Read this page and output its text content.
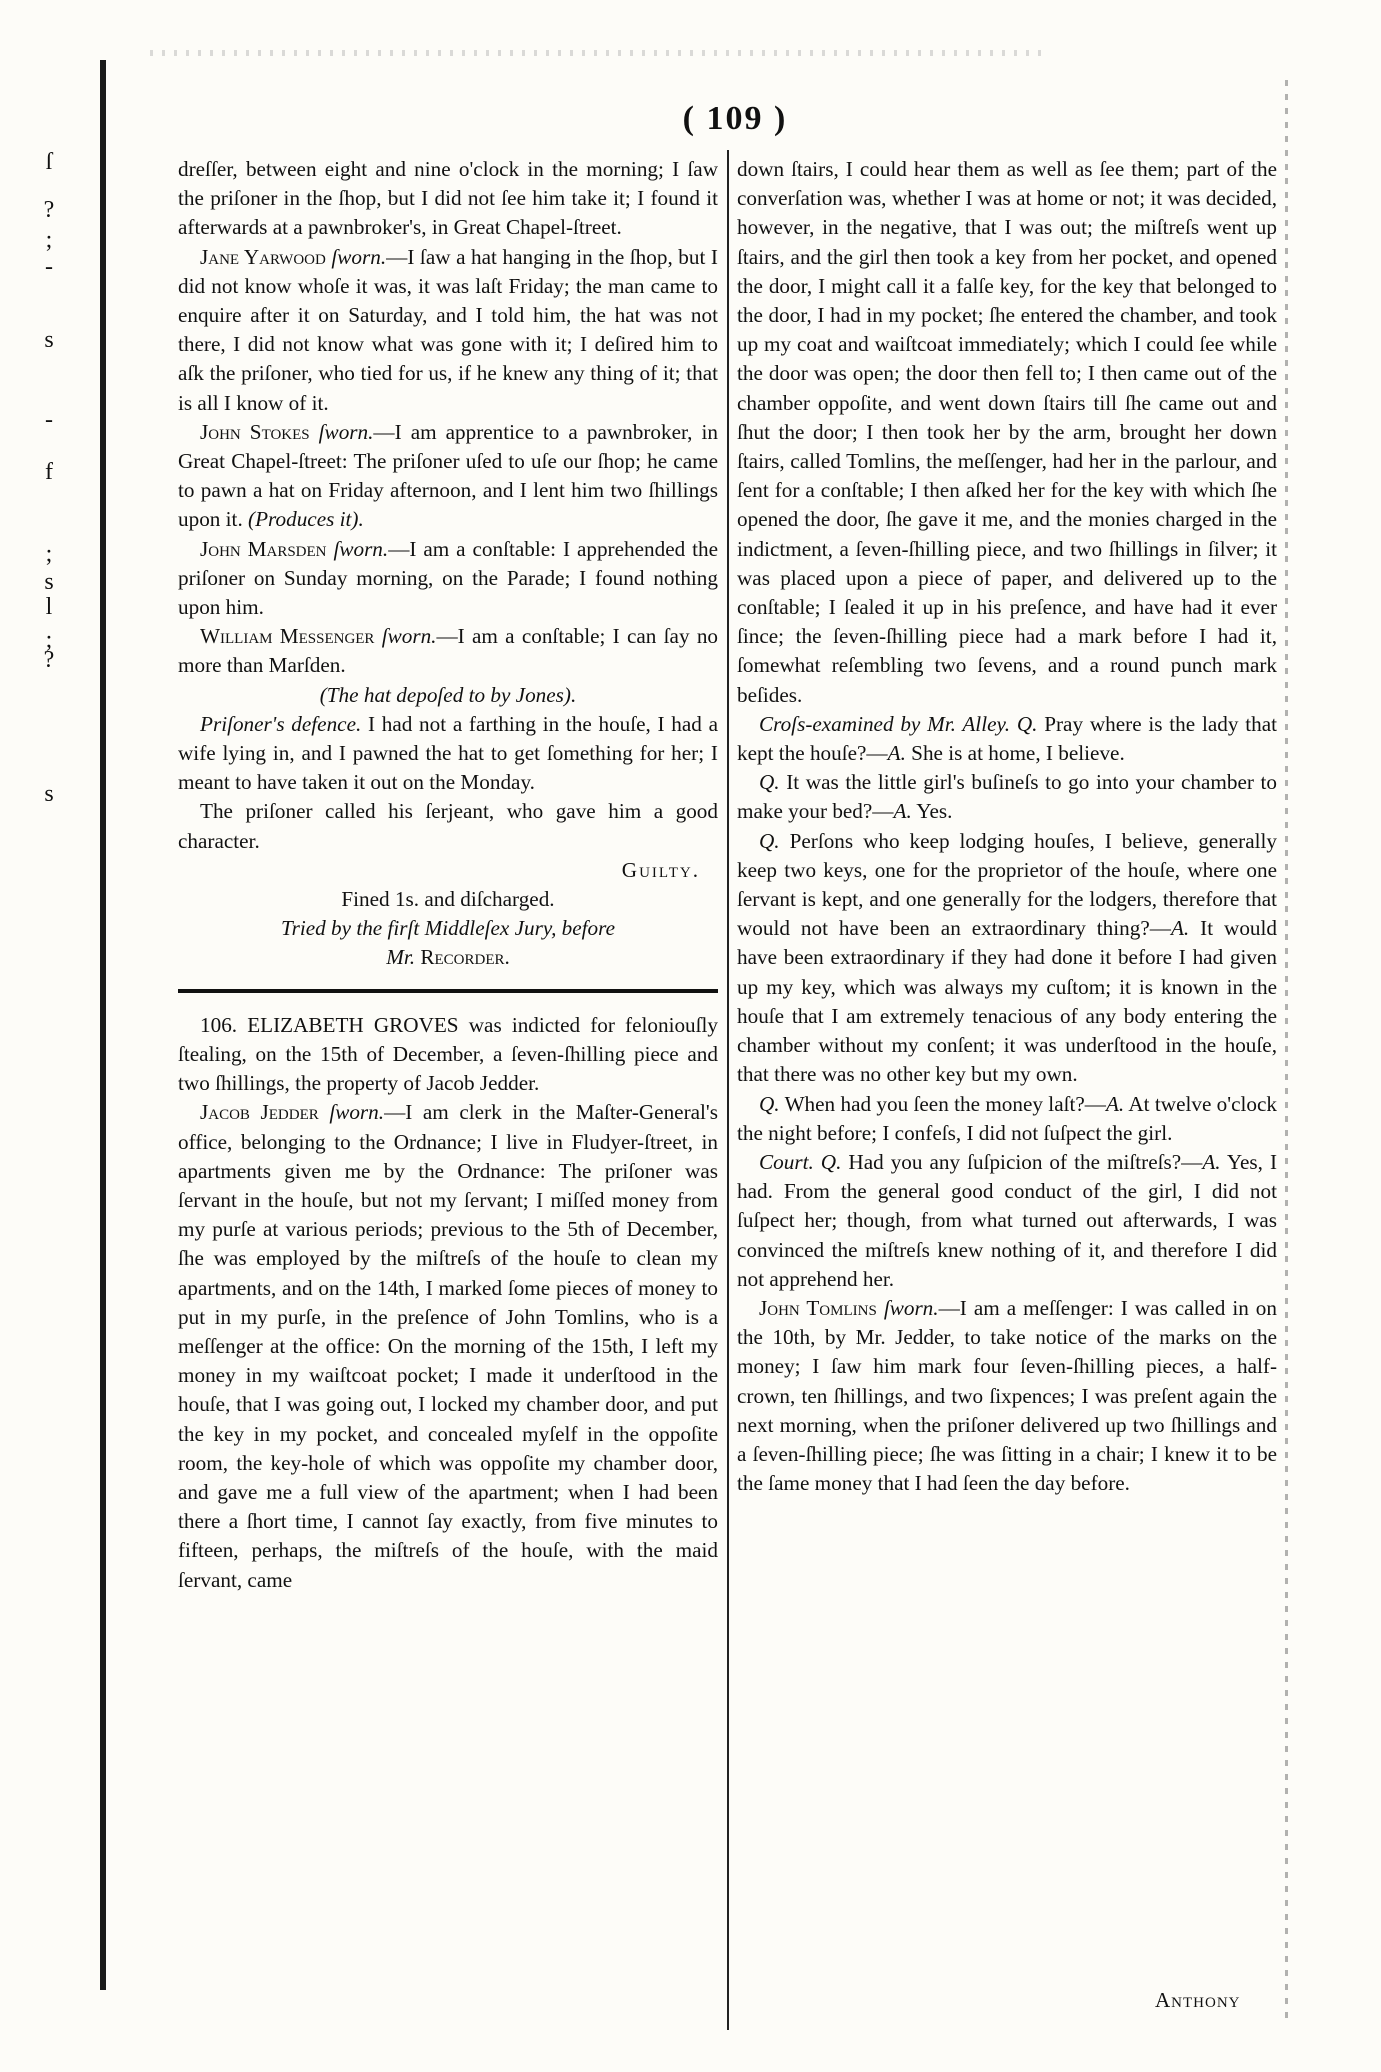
ſ
?
;
-
s
-
f
;
s
l
;
?
s
( 109 )

dreſſer, between eight and nine o'clock in the morning; I ſaw the priſoner in the ſhop, but I did not ſee him take it; I found it afterwards at a pawnbroker's, in Great Chapel-ſtreet.

Jane Yarwood ſworn.—I ſaw a hat hanging in the ſhop, but I did not know whoſe it was, it was laſt Friday; the man came to enquire after it on Saturday, and I told him, the hat was not there, I did not know what was gone with it; I deſired him to aſk the priſoner, who tied for us, if he knew any thing of it; that is all I know of it.

John Stokes ſworn.—I am apprentice to a pawnbroker, in Great Chapel-ſtreet: The priſoner uſed to uſe our ſhop; he came to pawn a hat on Friday afternoon, and I lent him two ſhillings upon it. (Produces it).

John Marsden ſworn.—I am a conſtable: I apprehended the priſoner on Sunday morning, on the Parade; I found nothing upon him.

William Messenger ſworn.—I am a conſtable; I can ſay no more than Marſden.

(The hat depoſed to by Jones).

Priſoner's defence. I had not a farthing in the houſe, I had a wife lying in, and I pawned the hat to get ſomething for her; I meant to have taken it out on the Monday.

The priſoner called his ſerjeant, who gave him a good character.

Guilty.

Fined 1s. and diſcharged.

Tried by the firſt Middleſex Jury, before

Mr. Recorder.

106. ELIZABETH GROVES was indicted for feloniouſly ſtealing, on the 15th of December, a ſeven-ſhilling piece and two ſhillings, the property of Jacob Jedder.

Jacob Jedder ſworn.—I am clerk in the Maſter-General's office, belonging to the Ordnance; I live in Fludyer-ſtreet, in apartments given me by the Ordnance: The priſoner was ſervant in the houſe, but not my ſervant; I miſſed money from my purſe at various periods; previous to the 5th of December, ſhe was employed by the miſtreſs of the houſe to clean my apartments, and on the 14th, I marked ſome pieces of money to put in my purſe, in the preſence of John Tomlins, who is a meſſenger at the office: On the morning of the 15th, I left my money in my waiſtcoat pocket; I made it underſtood in the houſe, that I was going out, I locked my chamber door, and put the key in my pocket, and concealed myſelf in the oppoſite room, the key-hole of which was oppoſite my chamber door, and gave me a full view of the apartment; when I had been there a ſhort time, I cannot ſay exactly, from five minutes to fifteen, perhaps, the miſtreſs of the houſe, with the maid ſervant, came

down ſtairs, I could hear them as well as ſee them; part of the converſation was, whether I was at home or not; it was decided, however, in the negative, that I was out; the miſtreſs went up ſtairs, and the girl then took a key from her pocket, and opened the door, I might call it a falſe key, for the key that belonged to the door, I had in my pocket; ſhe entered the chamber, and took up my coat and waiſtcoat immediately; which I could ſee while the door was open; the door then fell to; I then came out of the chamber oppoſite, and went down ſtairs till ſhe came out and ſhut the door; I then took her by the arm, brought her down ſtairs, called Tomlins, the meſſenger, had her in the parlour, and ſent for a conſtable; I then aſked her for the key with which ſhe opened the door, ſhe gave it me, and the monies charged in the indictment, a ſeven-ſhilling piece, and two ſhillings in ſilver; it was placed upon a piece of paper, and delivered up to the conſtable; I ſealed it up in his preſence, and have had it ever ſince; the ſeven-ſhilling piece had a mark before I had it, ſomewhat reſembling two ſevens, and a round punch mark beſides.

Croſs-examined by Mr. Alley. Q. Pray where is the lady that kept the houſe?—A. She is at home, I believe.

Q. It was the little girl's buſineſs to go into your chamber to make your bed?—A. Yes.

Q. Perſons who keep lodging houſes, I believe, generally keep two keys, one for the proprietor of the houſe, where one ſervant is kept, and one generally for the lodgers, therefore that would not have been an extraordinary thing?—A. It would have been extraordinary if they had done it before I had given up my key, which was always my cuſtom; it is known in the houſe that I am extremely tenacious of any body entering the chamber without my conſent; it was underſtood in the houſe, that there was no other key but my own.

Q. When had you ſeen the money laſt?—A. At twelve o'clock the night before; I confeſs, I did not ſuſpect the girl.

Court. Q. Had you any ſuſpicion of the miſtreſs?—A. Yes, I had. From the general good conduct of the girl, I did not ſuſpect her; though, from what turned out afterwards, I was convinced the miſtreſs knew nothing of it, and therefore I did not apprehend her.

John Tomlins ſworn.—I am a meſſenger: I was called in on the 10th, by Mr. Jedder, to take notice of the marks on the money; I ſaw him mark four ſeven-ſhilling pieces, a half-crown, ten ſhillings, and two ſixpences; I was preſent again the next morning, when the priſoner delivered up two ſhillings and a ſeven-ſhilling piece; ſhe was ſitting in a chair; I knew it to be the ſame money that I had ſeen the day before.

Anthony
